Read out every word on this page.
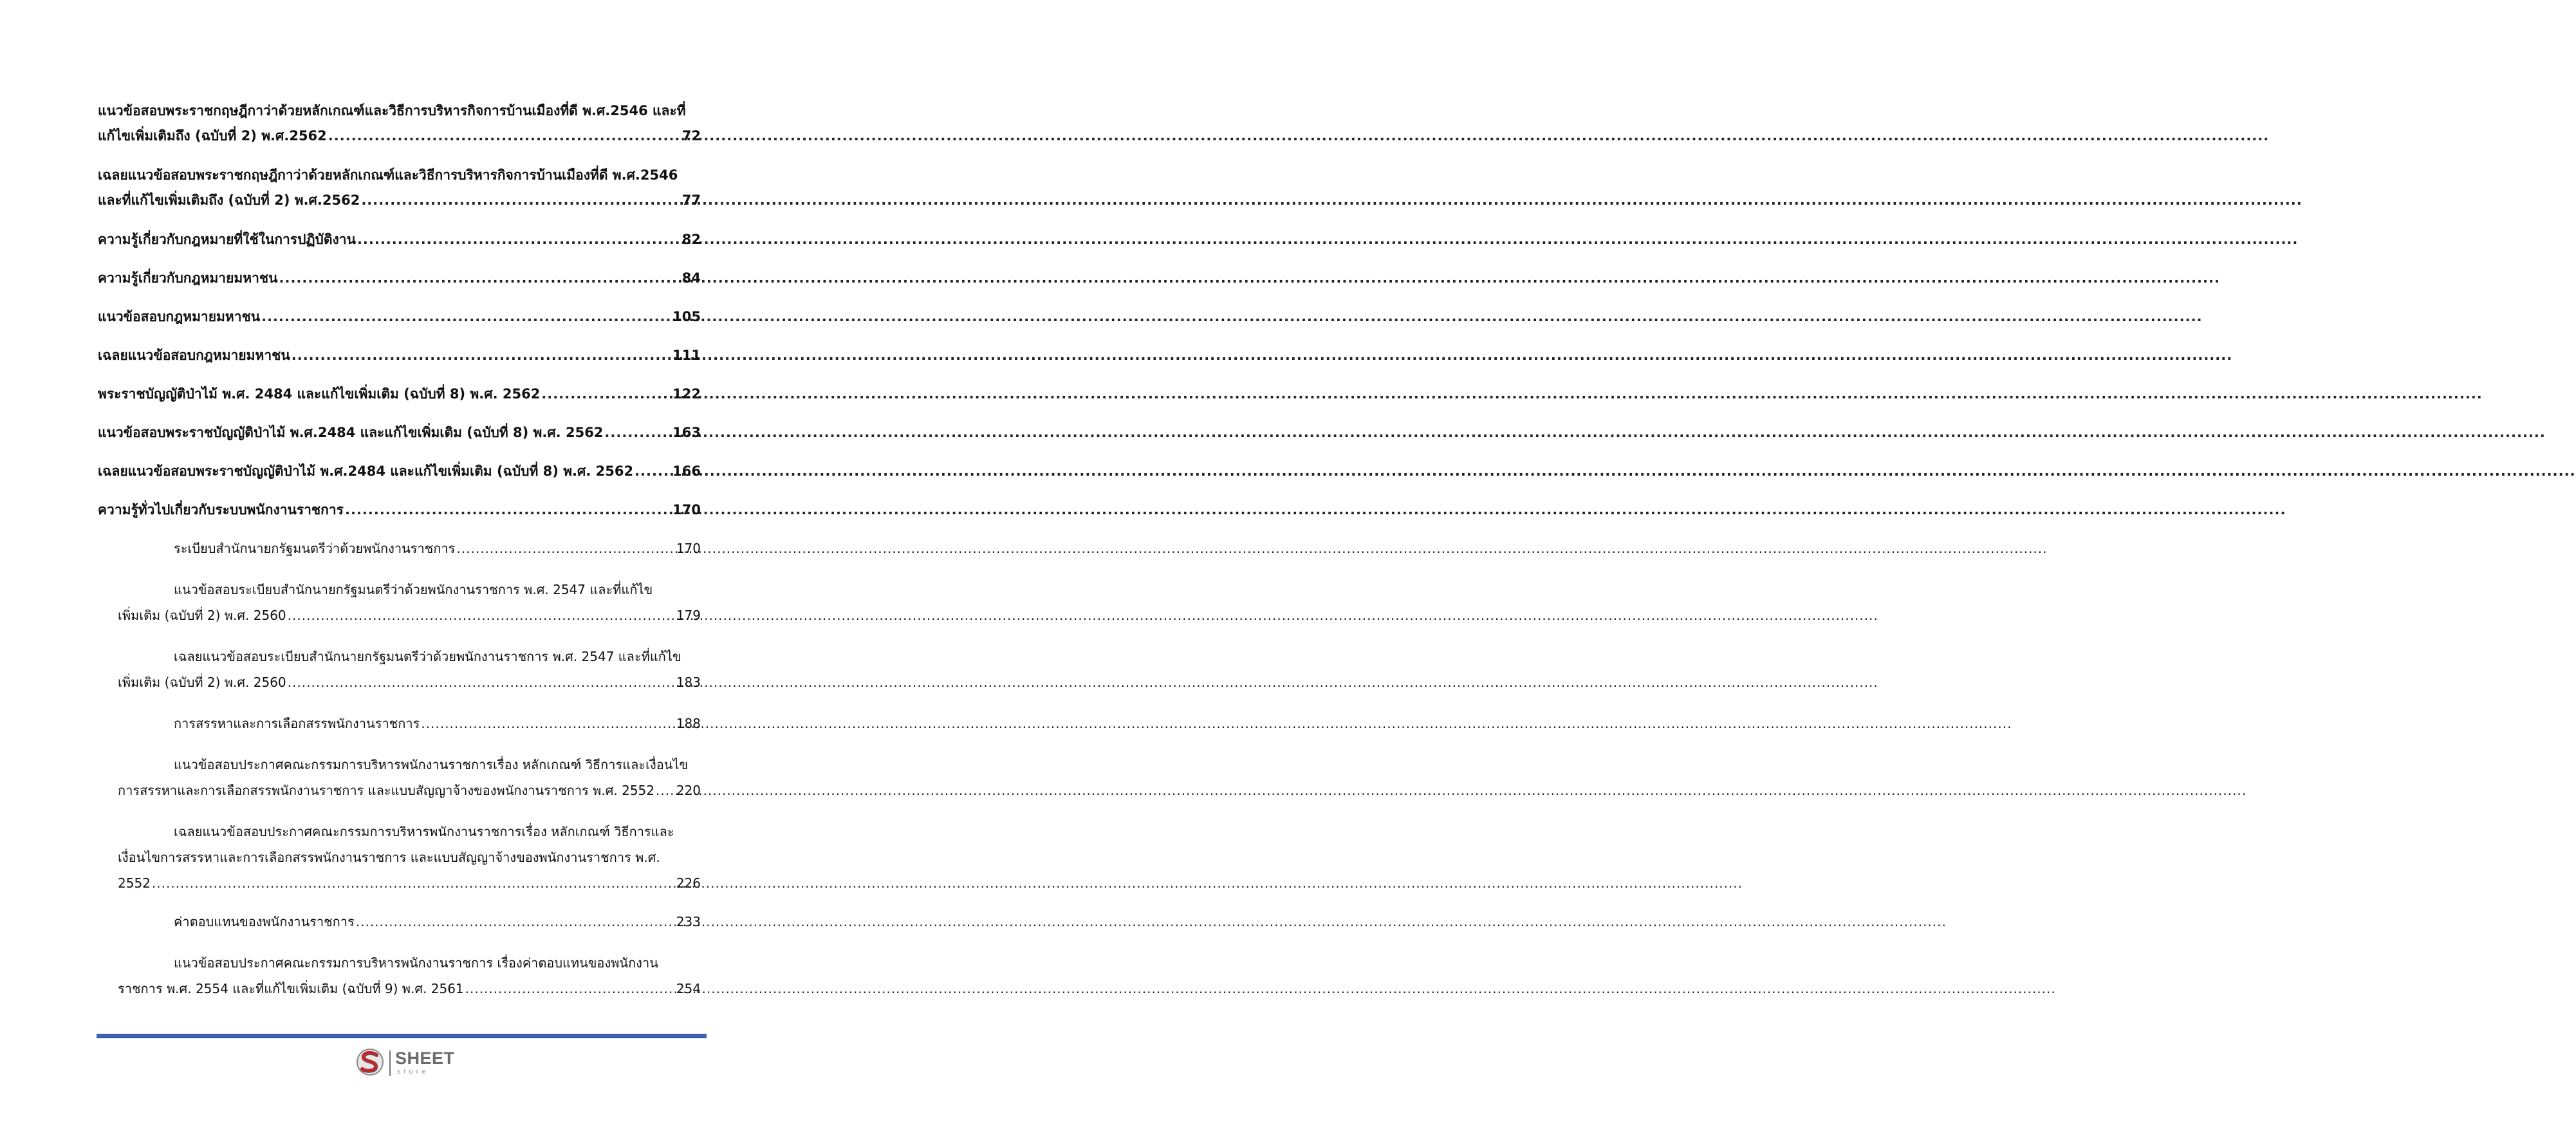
แนวข้อสอบพระราชกฤษฎีกาว่าด้วยหลักเกณฑ์และวิธีการบริหารกิจการบ้านเมืองที่ดี พ.ศ.2546 และที่
แก้ไขเพิ่มเติมถึง (ฉบับที่ 2) พ.ศ.2562 .....	72
เฉลยแนวข้อสอบพระราชกฤษฎีกาว่าด้วยหลักเกณฑ์และวิธีการบริหารกิจการบ้านเมืองที่ดี พ.ศ.2546
และที่แก้ไขเพิ่มเติมถึง (ฉบับที่ 2) พ.ศ.2562 .....	77
ความรู้เกี่ยวกับกฎหมายที่ใช้ในการปฏิบัติงาน .....	82
ความรู้เกี่ยวกับกฎหมายมหาชน .....	84
แนวข้อสอบกฎหมายมหาชน .....	105
เฉลยแนวข้อสอบกฎหมายมหาชน .....	111
พระราชบัญญัติป่าไม้ พ.ศ. 2484 และแก้ไขเพิ่มเติม (ฉบับที่ 8) พ.ศ. 2562 .....	122
แนวข้อสอบพระราชบัญญัติป่าไม้ พ.ศ.2484 และแก้ไขเพิ่มเติม (ฉบับที่ 8) พ.ศ. 2562 .....	163
เฉลยแนวข้อสอบพระราชบัญญัติป่าไม้ พ.ศ.2484 และแก้ไขเพิ่มเติม (ฉบับที่ 8) พ.ศ. 2562 .....	166
ความรู้ทั่วไปเกี่ยวกับระบบพนักงานราชการ .....	170
ระเบียบสำนักนายกรัฐมนตรีว่าด้วยพนักงานราชการ .....	170
แนวข้อสอบระเบียบสำนักนายกรัฐมนตรีว่าด้วยพนักงานราชการ พ.ศ. 2547 และที่แก้ไข
เพิ่มเติม (ฉบับที่ 2) พ.ศ. 2560 .....	179
เฉลยแนวข้อสอบระเบียบสำนักนายกรัฐมนตรีว่าด้วยพนักงานราชการ พ.ศ. 2547 และที่แก้ไข
เพิ่มเติม (ฉบับที่ 2) พ.ศ. 2560 .....	183
การสรรหาและการเลือกสรรพนักงานราชการ .....	188
แนวข้อสอบประกาศคณะกรรมการบริหารพนักงานราชการเรื่อง หลักเกณฑ์ วิธีการและเงื่อนไข
การสรรหาและการเลือกสรรพนักงานราชการ และแบบสัญญาจ้างของพนักงานราชการ พ.ศ. 2552 ..... 220
เฉลยแนวข้อสอบประกาศคณะกรรมการบริหารพนักงานราชการเรื่อง หลักเกณฑ์ วิธีการและ
เงื่อนไขการสรรหาและการเลือกสรรพนักงานราชการ และแบบสัญญาจ้างของพนักงานราชการ พ.ศ.
2552 .....	226
ค่าตอบแทนของพนักงานราชการ .....	233
แนวข้อสอบประกาศคณะกรรมการบริหารพนักงานราชการ เรื่องค่าตอบแทนของพนักงาน
ราชการ พ.ศ. 2554 และที่แก้ไขเพิ่มเติม (ฉบับที่ 9) พ.ศ. 2561 .....	254
SHEET
store
